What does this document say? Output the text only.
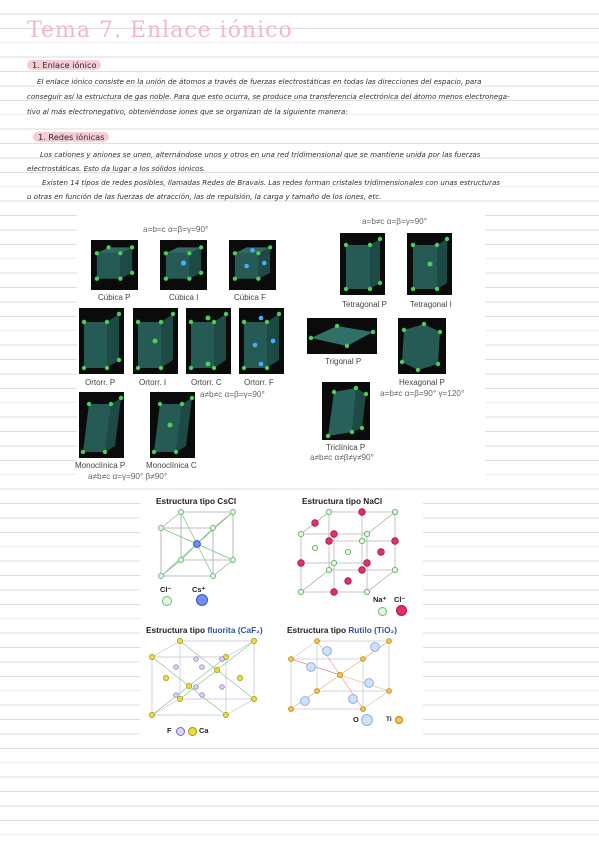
Tema 7. Enlace iónico
1. Enlace iónico
El enlace iónico consiste en la unión de átomos a través de fuerzas electrostáticas en todas las direcciones del espacio, para
conseguir así la estructura de gas noble. Para que esto ocurra, se produce una transferencia electrónica del átomo menos electronega-
tivo al más electronegativo, obteniéndose iones que se organizan de la siguiente manera:
1. Redes iónicas
Los cationes y aniones se unen, alternándose unos y otros en una red tridimensional que se mantiene unida por las fuerzas
electrostáticas. Esto da lugar a los sólidos iónicos.
Existen 14 tipos de redes posibles, llamadas Redes de Bravais. Las redes forman cristales tridimensionales con unas estructuras
u otras en función de las fuerzas de atracción, las de repulsión, la carga y tamaño de los iones, etc.
a=b=c α=β=γ=90°
a=b≠c α=β=γ=90°
Cúbica P	Cúbica I	Cúbica F
Tetragonal P	Tetragonal I
Ortorr. P	Ortorr. I	Ortorr. C	Ortorr. F
a≠b≠c α=β=γ=90°
Trigonal P
Hexagonal P
a=b≠c α=β=90° γ=120°
Monoclínica P	Monoclínica C
a≠b≠c α=γ=90° β≠90°
Triclínica P
a≠b≠c α≠β≠γ≠90°
Estructura tipo CsCl
Cl⁻	Cs⁺
Estructura tipo NaCl
Na⁺ Cl⁻
Estructura tipo fluorita (CaF₂)
F	Ca
Estructura tipo Rutilo (TiO₂)
O	Ti
